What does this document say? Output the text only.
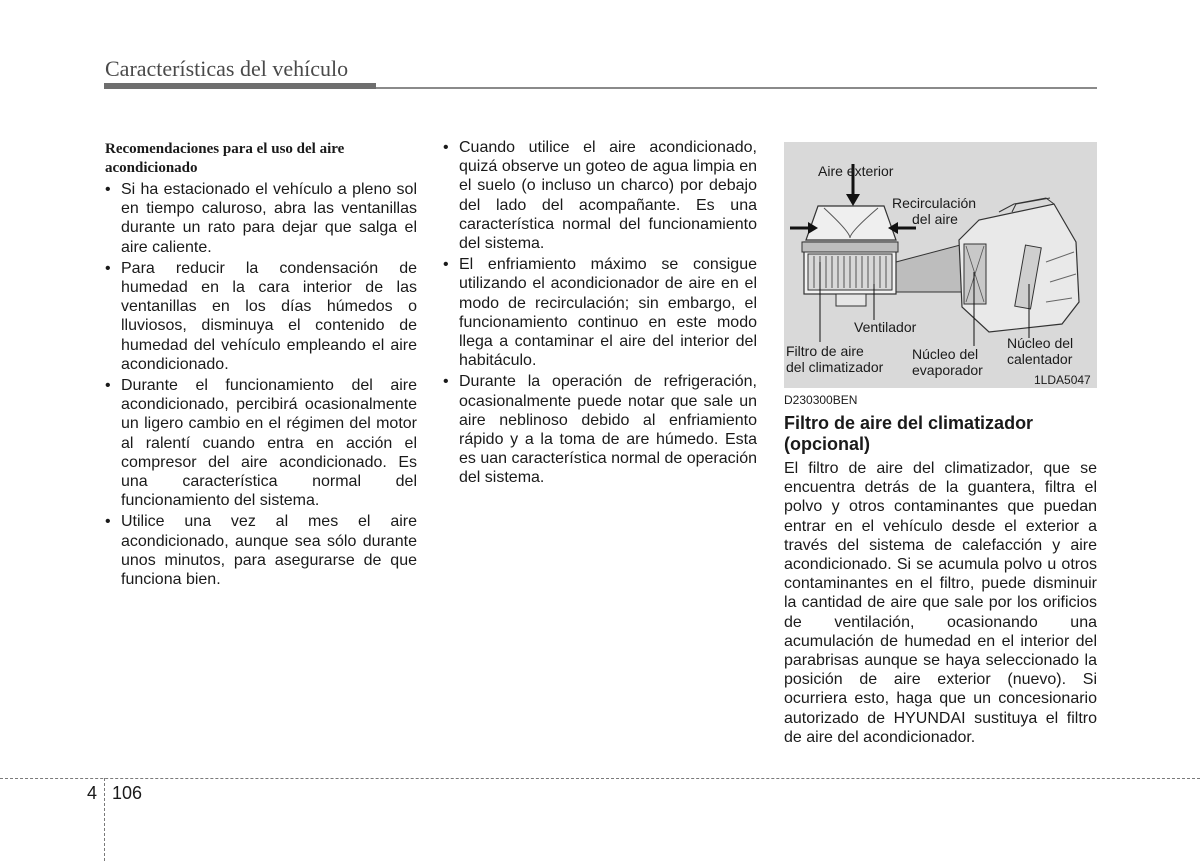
Características del vehículo
Recomendaciones para el uso del aire acondicionado
• Si ha estacionado el vehículo a pleno sol en tiempo caluroso, abra las ventanillas durante un rato para dejar que salga el aire caliente.
• Para reducir la condensación de humedad en la cara interior de las ventanillas en los días húmedos o lluviosos, disminuya el contenido de humedad del vehículo empleando el aire acondicionado.
• Durante el funcionamiento del aire acondicionado, percibirá ocasionalmente un ligero cambio en el régimen del motor al ralentí cuando entra en acción el compresor del aire acondicionado. Es una característica normal del funcionamiento del sistema.
• Utilice una vez al mes el aire acondicionado, aunque sea sólo durante unos minutos, para asegurarse de que funciona bien.
• Cuando utilice el aire acondicionado, quizá observe un goteo de agua limpia en el suelo (o incluso un charco) por debajo del lado del acompañante. Es una característica normal del funcionamiento del sistema.
• El enfriamiento máximo se consigue utilizando el acondicionador de aire en el modo de recirculación; sin embargo, el funcionamiento continuo en este modo llega a contaminar el aire del interior del habitáculo.
• Durante la operación de refrigeración, ocasionalmente puede notar que sale un aire neblinoso debido al enfriamiento rápido y a la toma de are húmedo. Esta es uan característica normal de operación del sistema.
Aire exterior
Recirculación
del aire
Ventilador
Filtro de aire
del climatizador
Núcleo del
evaporador
Núcleo del
calentador
1LDA5047
D230300BEN
Filtro de aire del climatizador (opcional)
El filtro de aire del climatizador, que se encuentra detrás de la guantera, filtra el polvo y otros contaminantes que puedan entrar en el vehículo desde el exterior a través del sistema de calefacción y aire acondicionado. Si se acumula polvo u otros contaminantes en el filtro, puede disminuir la cantidad de aire que sale por los orificios de ventilación, ocasionando una acumulación de humedad en el interior del parabrisas aunque se haya seleccionado la posición de aire exterior (nuevo). Si ocurriera esto, haga que un concesionario autorizado de HYUNDAI sustituya el filtro de aire del acondicionador.
4 106
